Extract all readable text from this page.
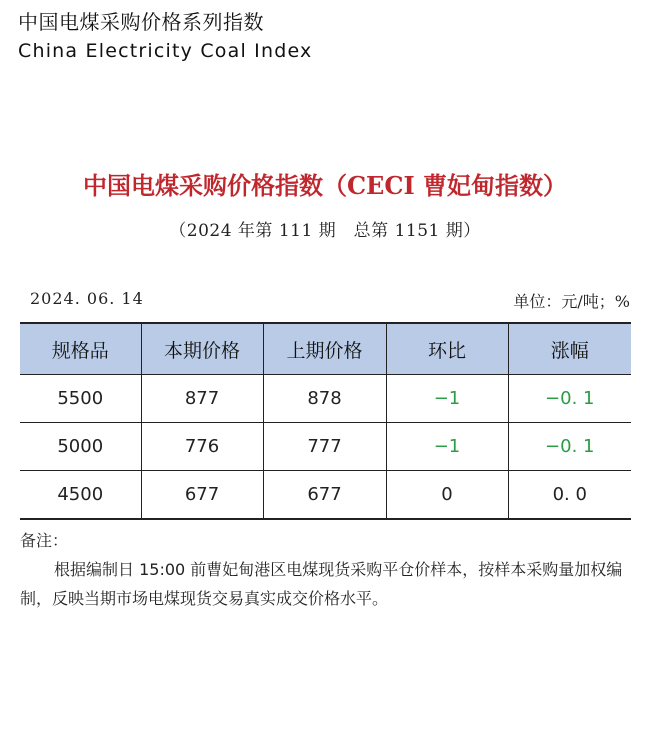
中国电煤采购价格系列指数
China Electricity Coal Index
中国电煤采购价格指数（CECI 曹妃甸指数）
（2024 年第 111 期　总第 1151 期）
2024. 06. 14	单位：元/吨；%
规格品	本期价格	上期价格	环比	涨幅
5500	877	878	−1	−0. 1
5000	776	777	−1	−0. 1
4500	677	677	0	0. 0
备注：
根据编制日 15:00 前曹妃甸港区电煤现货采购平仓价样本，按样本采购量加权编制，反映当期市场电煤现货交易真实成交价格水平。
